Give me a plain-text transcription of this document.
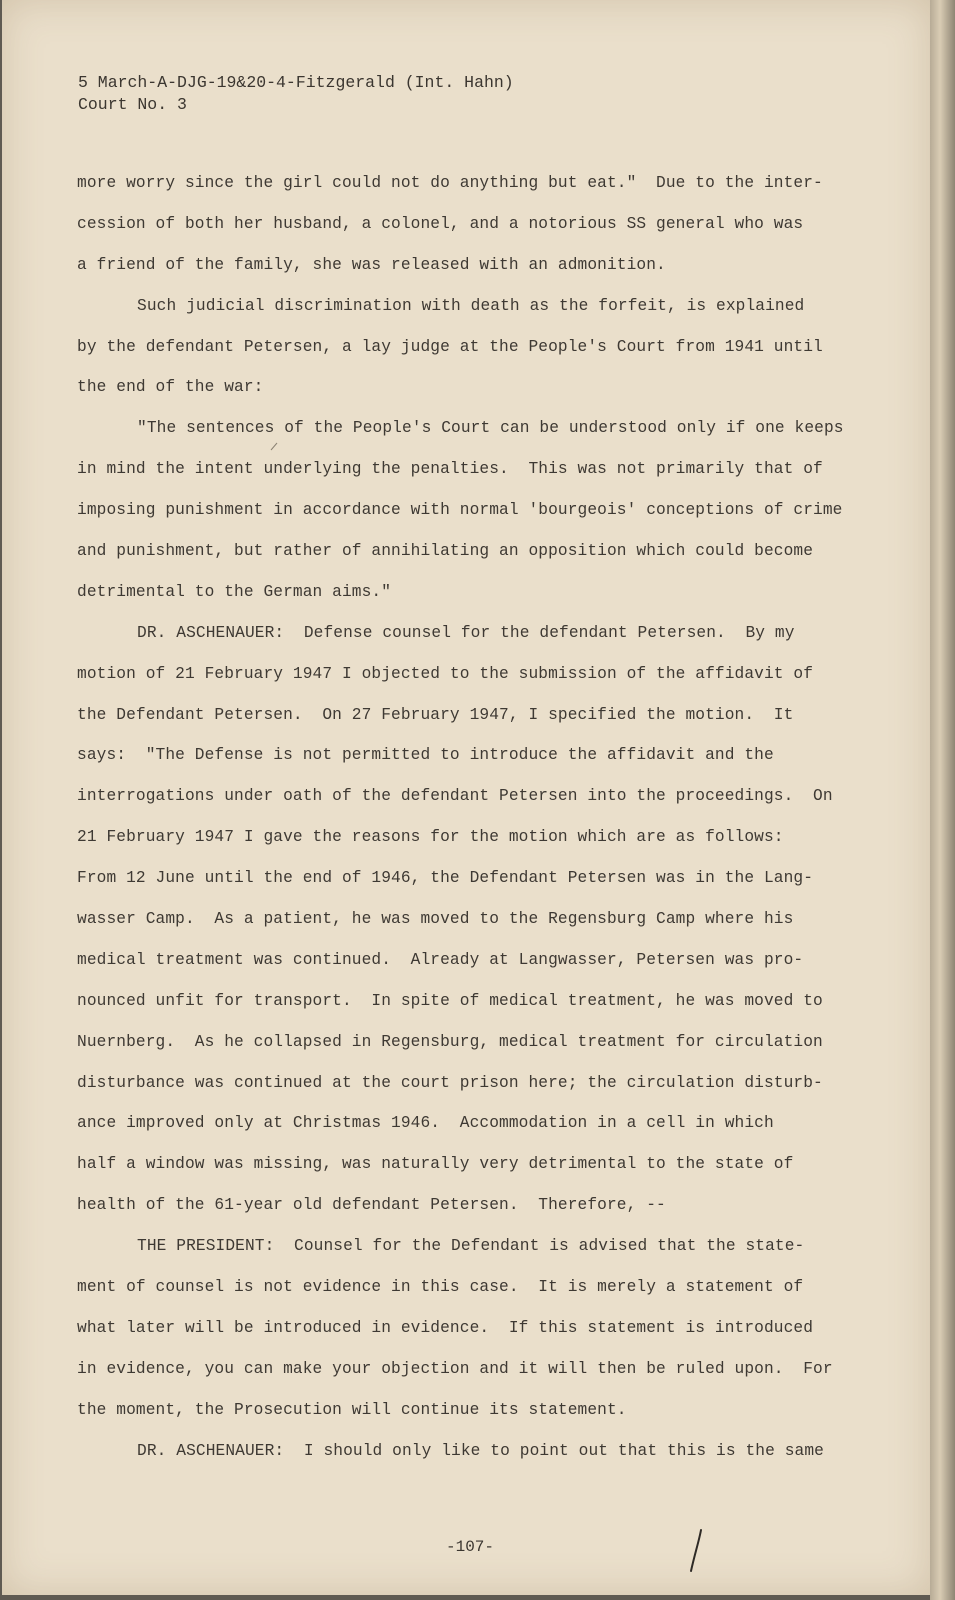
5 March-A-DJG-19&20-4-Fitzgerald (Int. Hahn)
Court No. 3
more worry since the girl could not do anything but eat."  Due to the inter-
cession of both her husband, a colonel, and a notorious SS general who was
a friend of the family, she was released with an admonition.
Such judicial discrimination with death as the forfeit, is explained
by the defendant Petersen, a lay judge at the People's Court from 1941 until
the end of the war:
"The sentences of the People's Court can be understood only if one keeps
in mind the intent underlying the penalties.  This was not primarily that of
imposing punishment in accordance with normal 'bourgeois' conceptions of crime
and punishment, but rather of annihilating an opposition which could become
detrimental to the German aims."
DR. ASCHENAUER:  Defense counsel for the defendant Petersen.  By my
motion of 21 February 1947 I objected to the submission of the affidavit of
the Defendant Petersen.  On 27 February 1947, I specified the motion.  It
says:  "The Defense is not permitted to introduce the affidavit and the
interrogations under oath of the defendant Petersen into the proceedings.  On
21 February 1947 I gave the reasons for the motion which are as follows:
From 12 June until the end of 1946, the Defendant Petersen was in the Lang-
wasser Camp.  As a patient, he was moved to the Regensburg Camp where his
medical treatment was continued.  Already at Langwasser, Petersen was pro-
nounced unfit for transport.  In spite of medical treatment, he was moved to
Nuernberg.  As he collapsed in Regensburg, medical treatment for circulation
disturbance was continued at the court prison here; the circulation disturb-
ance improved only at Christmas 1946.  Accommodation in a cell in which
half a window was missing, was naturally very detrimental to the state of
health of the 61-year old defendant Petersen.  Therefore, --
THE PRESIDENT:  Counsel for the Defendant is advised that the state-
ment of counsel is not evidence in this case.  It is merely a statement of
what later will be introduced in evidence.  If this statement is introduced
in evidence, you can make your objection and it will then be ruled upon.  For
the moment, the Prosecution will continue its statement.
DR. ASCHENAUER:  I should only like to point out that this is the same
-107-
